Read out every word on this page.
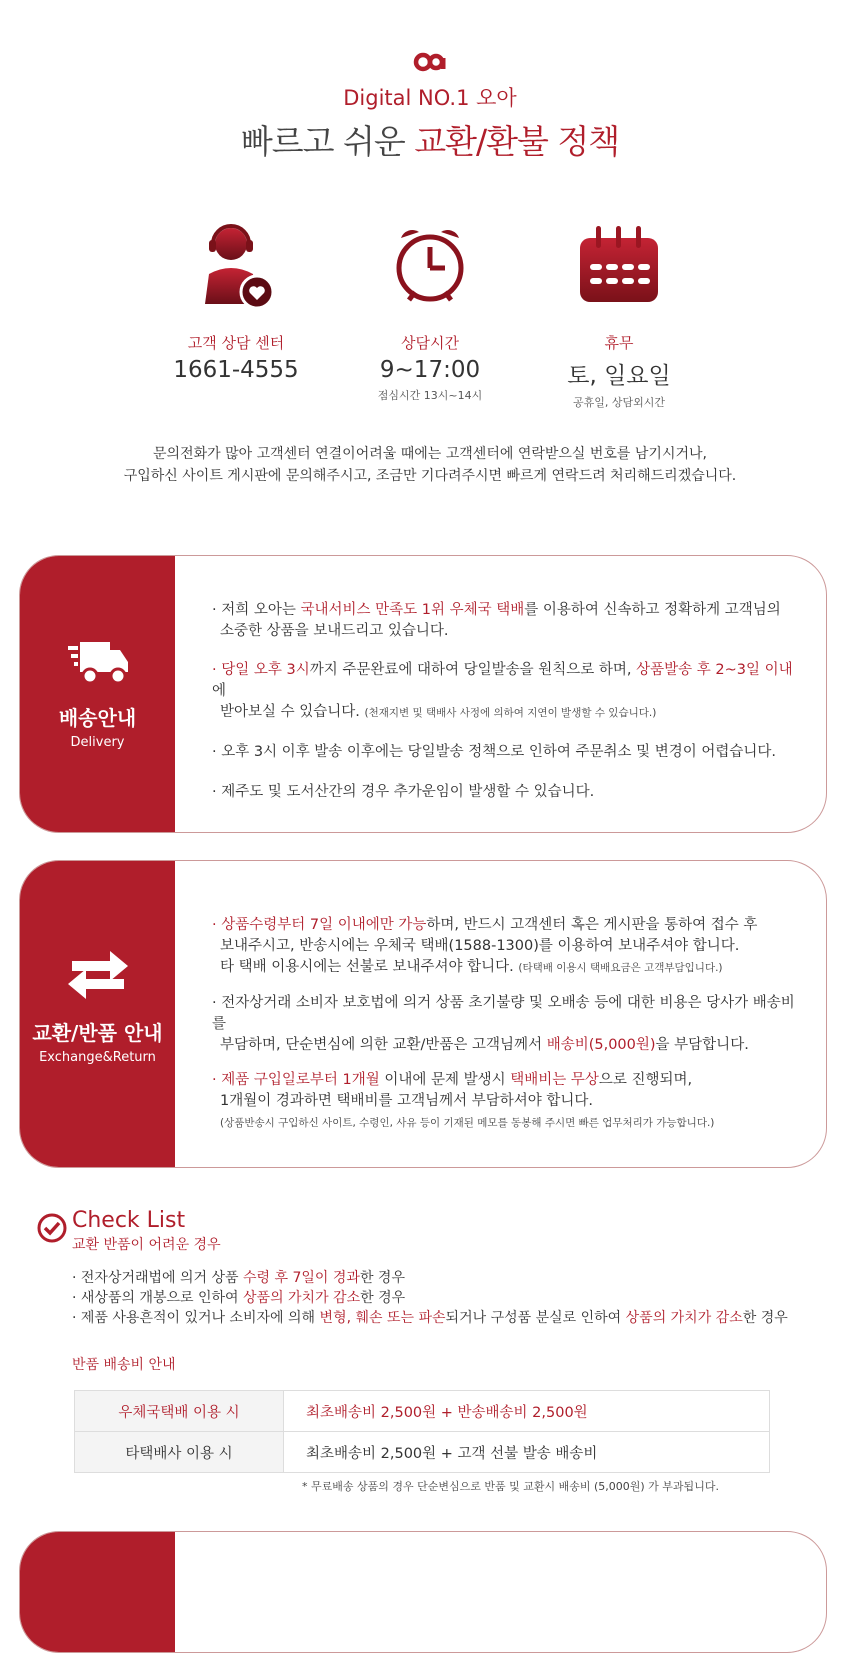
Digital NO.1 오아
빠르고 쉬운 교환/환불 정책
고객 상담 센터
1661-4555
상담시간
9~17:00
점심시간 13시~14시
휴무
토, 일요일
공휴일, 상담외시간
문의전화가 많아 고객센터 연결이어려울 때에는 고객센터에 연락받으실 번호를 남기시거나,
구입하신 사이트 게시판에 문의해주시고, 조금만 기다려주시면 빠르게 연락드려 처리해드리겠습니다.
배송안내
Delivery

· 저희 오아는 국내서비스 만족도 1위 우체국 택배를 이용하여 신속하고 정확하게 고객님의
소중한 상품을 보내드리고 있습니다.

· 당일 오후 3시까지 주문완료에 대하여 당일발송을 원칙으로 하며, 상품발송 후 2~3일 이내에
받아보실 수 있습니다. (천재지변 및 택배사 사정에 의하여 지연이 발생할 수 있습니다.)

· 오후 3시 이후 발송 이후에는 당일발송 정책으로 인하여 주문취소 및 변경이 어렵습니다.

· 제주도 및 도서산간의 경우 추가운임이 발생할 수 있습니다.

교환/반품 안내
Exchange&Return

· 상품수령부터 7일 이내에만 가능하며, 반드시 고객센터 혹은 게시판을 통하여 접수 후
보내주시고, 반송시에는 우체국 택배(1588-1300)를 이용하여 보내주셔야 합니다.
타 택배 이용시에는 선불로 보내주셔야 합니다. (타택배 이용시 택배요금은 고객부담입니다.)

· 전자상거래 소비자 보호법에 의거 상품 초기불량 및 오배송 등에 대한 비용은 당사가 배송비를
부담하며, 단순변심에 의한 교환/반품은 고객님께서 배송비(5,000원)을 부담합니다.

· 제품 구입일로부터 1개월 이내에 문제 발생시 택배비는 무상으로 진행되며,
1개월이 경과하면 택배비를 고객님께서 부담하셔야 합니다.
(상품반송시 구입하신 사이트, 수령인, 사유 등이 기재된 메모를 동봉해 주시면 빠른 업무처리가 가능합니다.)

Check List
교환 반품이 어려운 경우

· 전자상거래법에 의거 상품 수령 후 7일이 경과한 경우

· 새상품의 개봉으로 인하여 상품의 가치가 감소한 경우

· 제품 사용흔적이 있거나 소비자에 의해 변형, 훼손 또는 파손되거나 구성품 분실로 인하여 상품의 가치가 감소한 경우

반품 배송비 안내
우체국택배 이용 시	최초배송비 2,500원 + 반송배송비 2,500원
타택배사 이용 시	최초배송비 2,500원 + 고객 선불 발송 배송비
* 무료배송 상품의 경우 단순변심으로 반품 및 교환시 배송비 (5,000원) 가 부과됩니다.
